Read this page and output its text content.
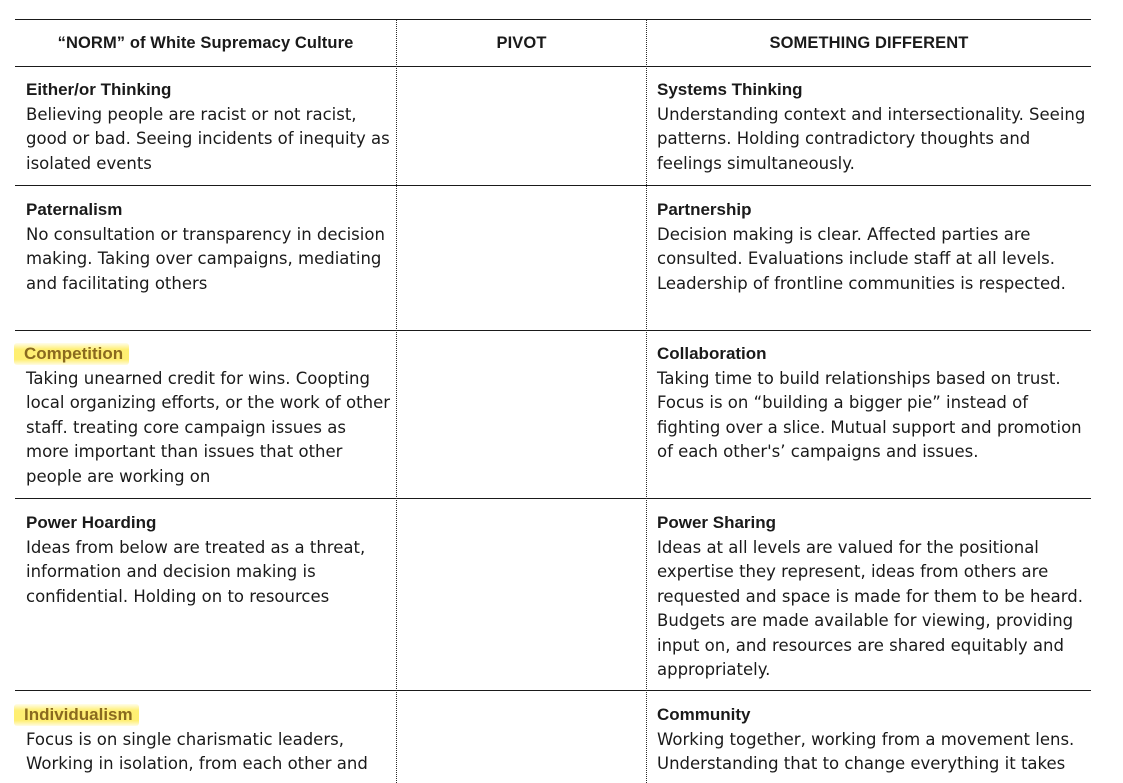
“NORM” of White Supremacy Culture	PIVOT	SOMETHING DIFFERENT
Either/or Thinking
Believing people are racist or not racist,
good or bad. Seeing incidents of inequity as
isolated events
Systems Thinking
Understanding context and intersectionality. Seeing
patterns. Holding contradictory thoughts and
feelings simultaneously.
Paternalism
No consultation or transparency in decision
making. Taking over campaigns, mediating
and facilitating others
Partnership
Decision making is clear. Affected parties are
consulted. Evaluations include staff at all levels.
Leadership of frontline communities is respected.
Competition
Taking unearned credit for wins. Coopting
local organizing efforts, or the work of other
staff. treating core campaign issues as
more important than issues that other
people are working on
Collaboration
Taking time to build relationships based on trust.
Focus is on “building a bigger pie” instead of
fighting over a slice. Mutual support and promotion
of each other's’ campaigns and issues.
Power Hoarding
Ideas from below are treated as a threat,
information and decision making is
confidential. Holding on to resources
Power Sharing
Ideas at all levels are valued for the positional
expertise they represent, ideas from others are
requested and space is made for them to be heard.
Budgets are made available for viewing, providing
input on, and resources are shared equitably and
appropriately.
Individualism
Focus is on single charismatic leaders,
Working in isolation, from each other and
Community
Working together, working from a movement lens.
Understanding that to change everything it takes
